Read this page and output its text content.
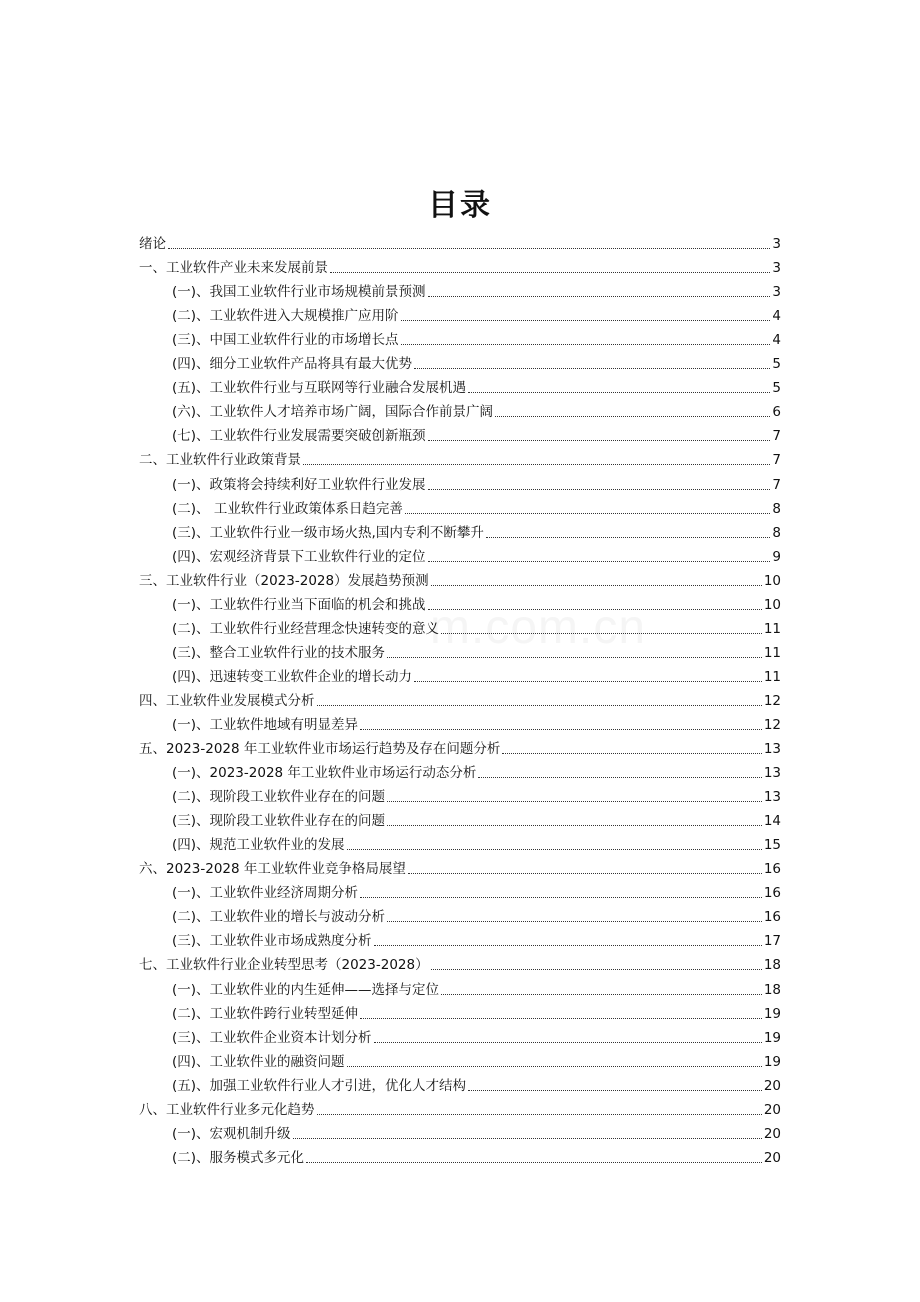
目录
绪论	3
一、工业软件产业未来发展前景	3
(一)、我国工业软件行业市场规模前景预测	3
(二)、工业软件进入大规模推广应用阶	4
(三)、中国工业软件行业的市场增长点	4
(四)、细分工业软件产品将具有最大优势	5
(五)、工业软件行业与互联网等行业融合发展机遇	5
(六)、工业软件人才培养市场广阔，国际合作前景广阔	6
(七)、工业软件行业发展需要突破创新瓶颈	7
二、工业软件行业政策背景	7
(一)、政策将会持续利好工业软件行业发展	7
(二)、 工业软件行业政策体系日趋完善	8
(三)、工业软件行业一级市场火热,国内专利不断攀升	8
(四)、宏观经济背景下工业软件行业的定位	9
三、工业软件行业（2023-2028）发展趋势预测	10
(一)、工业软件行业当下面临的机会和挑战	10
(二)、工业软件行业经营理念快速转变的意义	11
(三)、整合工业软件行业的技术服务	11
(四)、迅速转变工业软件企业的增长动力	11
四、工业软件业发展模式分析	12
(一)、工业软件地域有明显差异	12
五、2023-2028 年工业软件业市场运行趋势及存在问题分析	13
(一)、2023-2028 年工业软件业市场运行动态分析	13
(二)、现阶段工业软件业存在的问题	13
(三)、现阶段工业软件业存在的问题	14
(四)、规范工业软件业的发展	15
六、2023-2028 年工业软件业竞争格局展望	16
(一)、工业软件业经济周期分析	16
(二)、工业软件业的增长与波动分析	16
(三)、工业软件业市场成熟度分析	17
七、工业软件行业企业转型思考（2023-2028）	18
(一)、工业软件业的内生延伸——选择与定位	18
(二)、工业软件跨行业转型延伸	19
(三)、工业软件企业资本计划分析	19
(四)、工业软件业的融资问题	19
(五)、加强工业软件行业人才引进，优化人才结构	20
八、工业软件行业多元化趋势	20
(一)、宏观机制升级	20
(二)、服务模式多元化	20
m.com.cn
